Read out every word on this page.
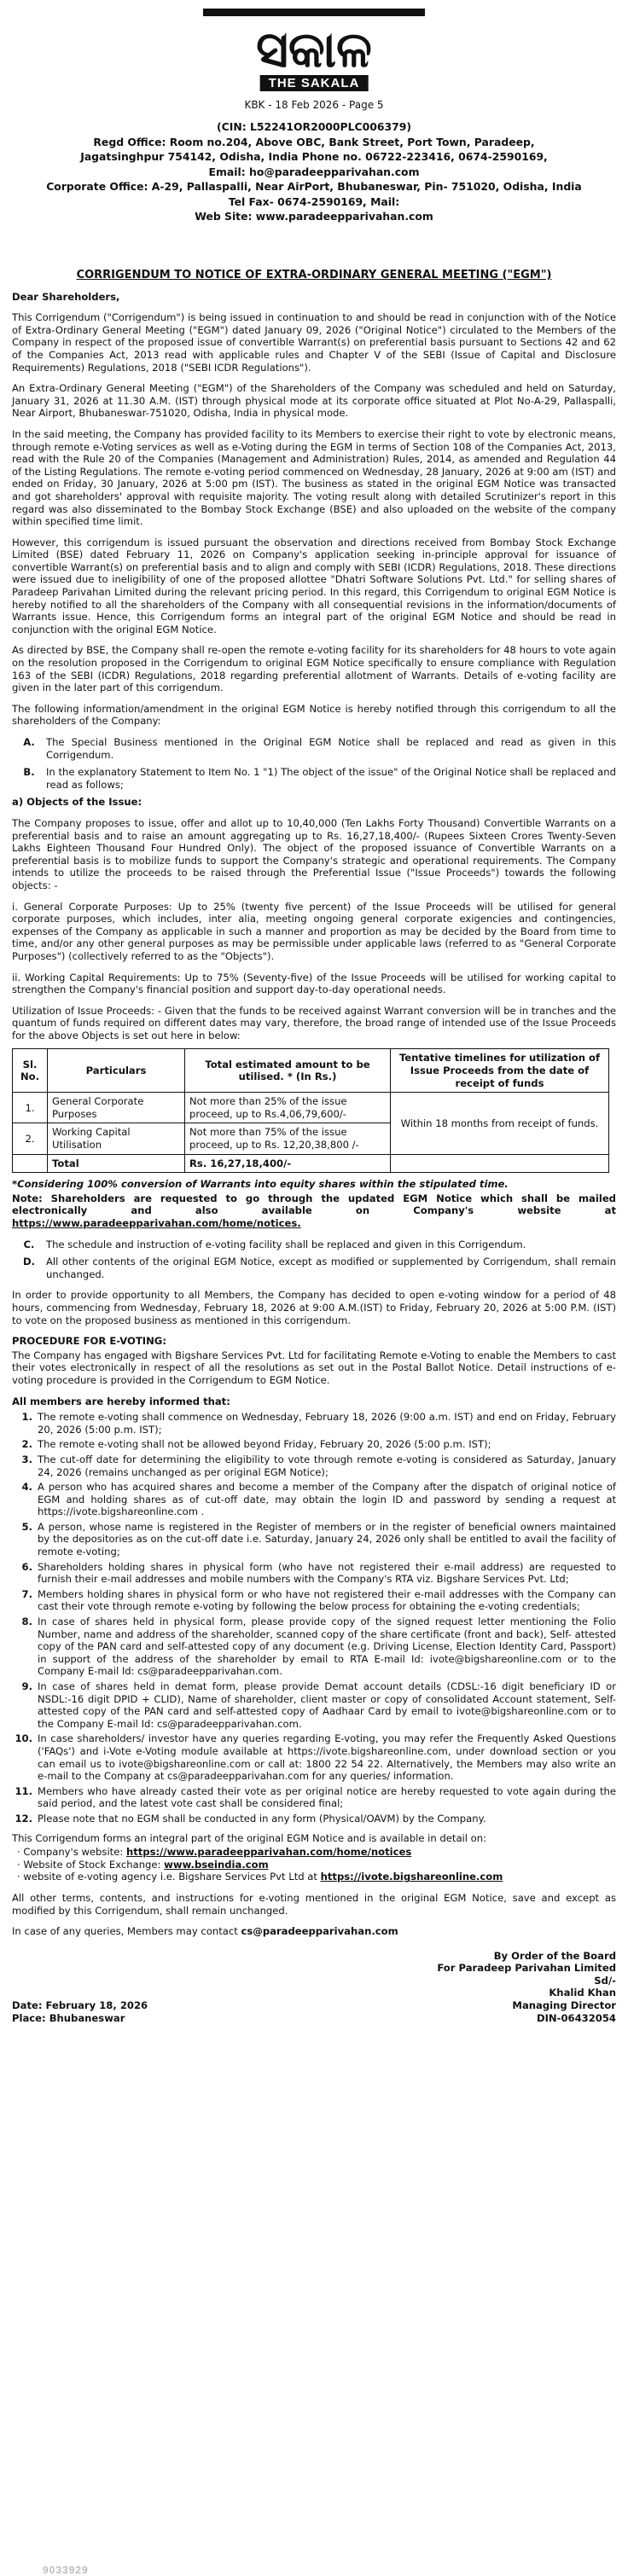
ସକାଳ
THE SAKALA
KBK - 18 Feb 2026 - Page 5
(CIN: L52241OR2000PLC006379)
Regd Office: Room no.204, Above OBC, Bank Street, Port Town, Paradeep,
Jagatsinghpur 754142, Odisha, India Phone no. 06722-223416, 0674-2590169,
Email: ho@paradeepparivahan.com
Corporate Office: A-29, Pallaspalli, Near AirPort, Bhubaneswar, Pin- 751020, Odisha, India
Tel Fax- 0674-2590169, Mail:
Web Site: www.paradeepparivahan.com
CORRIGENDUM TO NOTICE OF EXTRA-ORDINARY GENERAL MEETING ("EGM")
Dear Shareholders,
This Corrigendum ("Corrigendum") is being issued in continuation to and should be read in conjunction with of the Notice of Extra-Ordinary General Meeting ("EGM") dated January 09, 2026 ("Original Notice") circulated to the Members of the Company in respect of the proposed issue of convertible Warrant(s) on preferential basis pursuant to Sections 42 and 62 of the Companies Act, 2013 read with applicable rules and Chapter V of the SEBI (Issue of Capital and Disclosure Requirements) Regulations, 2018 ("SEBI ICDR Regulations").
An Extra-Ordinary General Meeting ("EGM") of the Shareholders of the Company was scheduled and held on Saturday, January 31, 2026 at 11.30 A.M. (IST) through physical mode at its corporate office situated at Plot No-A-29, Pallaspalli, Near Airport, Bhubaneswar-751020, Odisha, India in physical mode.
In the said meeting, the Company has provided facility to its Members to exercise their right to vote by electronic means, through remote e-Voting services as well as e-Voting during the EGM in terms of Section 108 of the Companies Act, 2013, read with the Rule 20 of the Companies (Management and Administration) Rules, 2014, as amended and Regulation 44 of the Listing Regulations. The remote e-voting period commenced on Wednesday, 28 January, 2026 at 9:00 am (IST) and ended on Friday, 30 January, 2026 at 5:00 pm (IST). The business as stated in the original EGM Notice was transacted and got shareholders' approval with requisite majority. The voting result along with detailed Scrutinizer's report in this regard was also disseminated to the Bombay Stock Exchange (BSE) and also uploaded on the website of the company within specified time limit.
However, this corrigendum is issued pursuant the observation and directions received from Bombay Stock Exchange Limited (BSE) dated February 11, 2026 on Company's application seeking in-principle approval for issuance of convertible Warrant(s) on preferential basis and to align and comply with SEBI (ICDR) Regulations, 2018. These directions were issued due to ineligibility of one of the proposed allottee "Dhatri Software Solutions Pvt. Ltd." for selling shares of Paradeep Parivahan Limited during the relevant pricing period. In this regard, this Corrigendum to original EGM Notice is hereby notified to all the shareholders of the Company with all consequential revisions in the information/documents of Warrants issue. Hence, this Corrigendum forms an integral part of the original EGM Notice and should be read in conjunction with the original EGM Notice.
As directed by BSE, the Company shall re-open the remote e-voting facility for its shareholders for 48 hours to vote again on the resolution proposed in the Corrigendum to original EGM Notice specifically to ensure compliance with Regulation 163 of the SEBI (ICDR) Regulations, 2018 regarding preferential allotment of Warrants. Details of e-voting facility are given in the later part of this corrigendum.
The following information/amendment in the original EGM Notice is hereby notified through this corrigendum to all the shareholders of the Company:
A.	The Special Business mentioned in the Original EGM Notice shall be replaced and read as given in this Corrigendum.
B.	In the explanatory Statement to Item No. 1 "1) The object of the issue" of the Original Notice shall be replaced and read as follows;
a) Objects of the Issue:
The Company proposes to issue, offer and allot up to 10,40,000 (Ten Lakhs Forty Thousand) Convertible Warrants on a preferential basis and to raise an amount aggregating up to Rs. 16,27,18,400/- (Rupees Sixteen Crores Twenty-Seven Lakhs Eighteen Thousand Four Hundred Only). The object of the proposed issuance of Convertible Warrants on a preferential basis is to mobilize funds to support the Company's strategic and operational requirements. The Company intends to utilize the proceeds to be raised through the Preferential Issue ("Issue Proceeds") towards the following objects: -
i. General Corporate Purposes: Up to 25% (twenty five percent) of the Issue Proceeds will be utilised for general corporate purposes, which includes, inter alia, meeting ongoing general corporate exigencies and contingencies, expenses of the Company as applicable in such a manner and proportion as may be decided by the Board from time to time, and/or any other general purposes as may be permissible under applicable laws (referred to as "General Corporate Purposes") (collectively referred to as the "Objects").
ii. Working Capital Requirements: Up to 75% (Seventy-five) of the Issue Proceeds will be utilised for working capital to strengthen the Company's financial position and support day-to-day operational needs.
Utilization of Issue Proceeds: - Given that the funds to be received against Warrant conversion will be in tranches and the quantum of funds required on different dates may vary, therefore, the broad range of intended use of the Issue Proceeds for the above Objects is set out here in below:
Sl. No.	Particulars	Total estimated amount to be utilised. * (In Rs.)	Tentative timelines for utilization of Issue Proceeds from the date of receipt of funds
1.	General Corporate Purposes	Not more than 25% of the issue proceed, up to Rs.4,06,79,600/-	Within 18 months from receipt of funds.
2.	Working Capital Utilisation	Not more than 75% of the issue proceed, up to Rs. 12,20,38,800 /-	
	Total	Rs. 16,27,18,400/-	
*Considering 100% conversion of Warrants into equity shares within the stipulated time.
Note: Shareholders are requested to go through the updated EGM Notice which shall be mailed electronically and also available on Company's website at https://www.paradeepparivahan.com/home/notices.
C.	The schedule and instruction of e-voting facility shall be replaced and given in this Corrigendum.
D.	All other contents of the original EGM Notice, except as modified or supplemented by Corrigendum, shall remain unchanged.
In order to provide opportunity to all Members, the Company has decided to open e-voting window for a period of 48 hours, commencing from Wednesday, February 18, 2026 at 9:00 A.M.(IST) to Friday, February 20, 2026 at 5:00 P.M. (IST) to vote on the proposed business as mentioned in this corrigendum.
PROCEDURE FOR E-VOTING:
The Company has engaged with Bigshare Services Pvt. Ltd for facilitating Remote e-Voting to enable the Members to cast their votes electronically in respect of all the resolutions as set out in the Postal Ballot Notice. Detail instructions of e-voting procedure is provided in the Corrigendum to EGM Notice.
All members are hereby informed that:
1. The remote e-voting shall commence on Wednesday, February 18, 2026 (9:00 a.m. IST) and end on Friday, February 20, 2026 (5:00 p.m. IST);
2. The remote e-voting shall not be allowed beyond Friday, February 20, 2026 (5:00 p.m. IST);
3. The cut-off date for determining the eligibility to vote through remote e-voting is considered as Saturday, January 24, 2026 (remains unchanged as per original EGM Notice);
4. A person who has acquired shares and become a member of the Company after the dispatch of original notice of EGM and holding shares as of cut-off date, may obtain the login ID and password by sending a request at https://ivote.bigshareonline.com .
5. A person, whose name is registered in the Register of members or in the register of beneficial owners maintained by the depositories as on the cut-off date i.e. Saturday, January 24, 2026 only shall be entitled to avail the facility of remote e-voting;
6. Shareholders holding shares in physical form (who have not registered their e-mail address) are requested to furnish their e-mail addresses and mobile numbers with the Company's RTA viz. Bigshare Services Pvt. Ltd;
7. Members holding shares in physical form or who have not registered their e-mail addresses with the Company can cast their vote through remote e-voting by following the below process for obtaining the e-voting credentials;
8. In case of shares held in physical form, please provide copy of the signed request letter mentioning the Folio Number, name and address of the shareholder, scanned copy of the share certificate (front and back), Self- attested copy of the PAN card and self-attested copy of any document (e.g. Driving License, Election Identity Card, Passport) in support of the address of the shareholder by email to RTA E-mail Id: ivote@bigshareonline.com or to the Company E-mail Id: cs@paradeepparivahan.com.
9. In case of shares held in demat form, please provide Demat account details (CDSL:-16 digit beneficiary ID or NSDL:-16 digit DPID + CLID), Name of shareholder, client master or copy of consolidated Account statement, Self-attested copy of the PAN card and self-attested copy of Aadhaar Card by email to ivote@bigshareonline.com or to the Company E-mail Id: cs@paradeepparivahan.com.
10. In case shareholders/ investor have any queries regarding E-voting, you may refer the Frequently Asked Questions ('FAQs') and i-Vote e-Voting module available at https://ivote.bigshareonline.com, under download section or you can email us to ivote@bigshareonline.com or call at: 1800 22 54 22. Alternatively, the Members may also write an e-mail to the Company at cs@paradeepparivahan.com for any queries/ information.
11. Members who have already casted their vote as per original notice are hereby requested to vote again during the said period, and the latest vote cast shall be considered final;
12. Please note that no EGM shall be conducted in any form (Physical/OAVM) by the Company.
This Corrigendum forms an integral part of the original EGM Notice and is available in detail on:
· Company's website: https://www.paradeepparivahan.com/home/notices
· Website of Stock Exchange: www.bseindia.com
· website of e-voting agency i.e. Bigshare Services Pvt Ltd at https://ivote.bigshareonline.com
All other terms, contents, and instructions for e-voting mentioned in the original EGM Notice, save and except as modified by this Corrigendum, shall remain unchanged.
In case of any queries, Members may contact cs@paradeepparivahan.com
Date: February 18, 2026
Place: Bhubaneswar
By Order of the Board
For Paradeep Parivahan Limited
Sd/-
Khalid Khan
Managing Director
DIN-06432054
9033929
